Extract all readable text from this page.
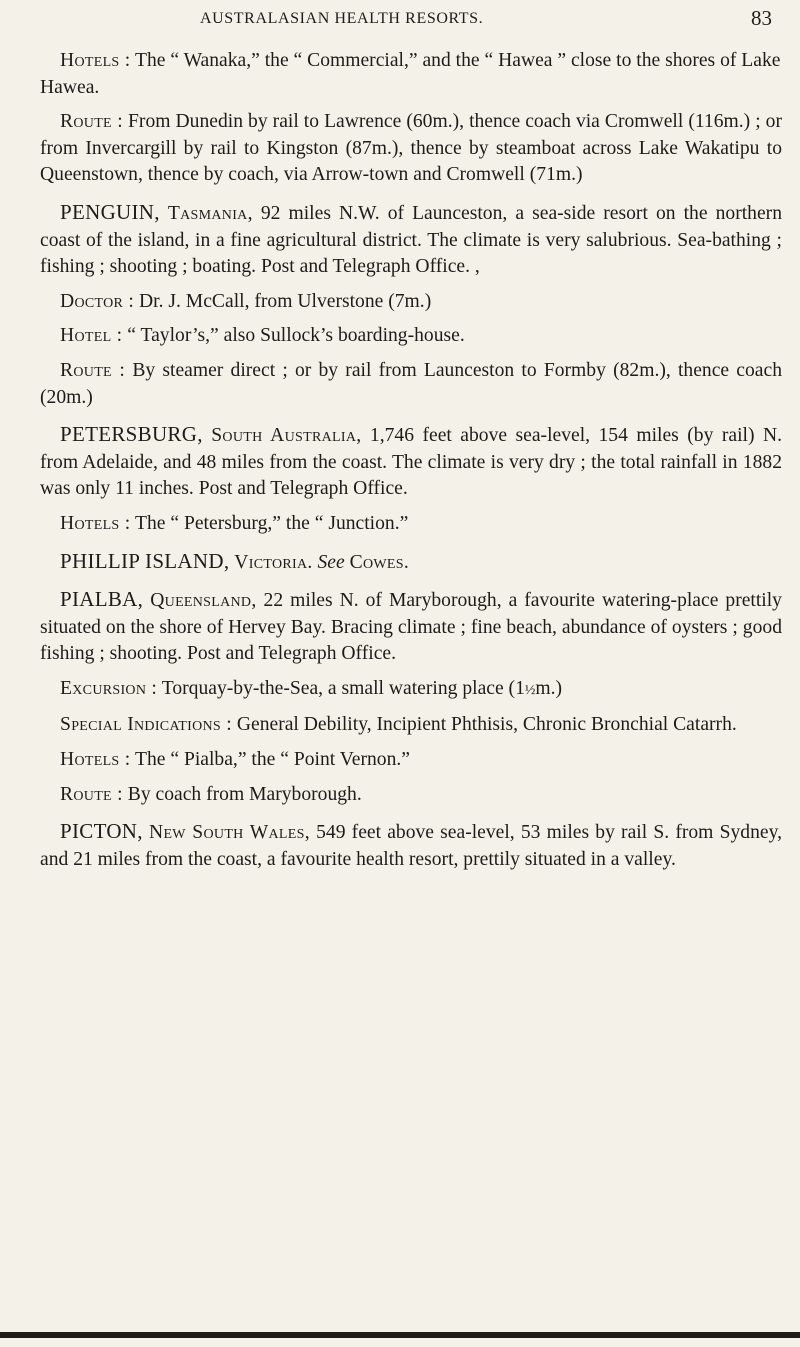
AUSTRALASIAN HEALTH RESORTS.	83

Hotels : The “ Wanaka,” the “ Commercial,” and the “ Hawea ” close to the shores of Lake Hawea.

Route : From Dunedin by rail to Lawrence (60m.), thence coach via Cromwell (116m.) ; or from Invercargill by rail to Kingston (87m.), thence by steamboat across Lake Wakatipu to Queenstown, thence by coach, via Arrow-town and Cromwell (71m.)

PENGUIN, Tasmania, 92 miles N.W. of Launceston, a sea-side resort on the northern coast of the island, in a fine agricultural district. The climate is very salubrious. Sea-bathing ; fishing ; shooting ; boating. Post and Telegraph Office. ,

Doctor : Dr. J. McCall, from Ulverstone (7m.)

Hotel : “ Taylor’s,” also Sullock’s boarding-house.

Route : By steamer direct ; or by rail from Launceston to Formby (82m.), thence coach (20m.)

PETERSBURG, South Australia, 1,746 feet above sea-level, 154 miles (by rail) N. from Adelaide, and 48 miles from the coast. The climate is very dry ; the total rainfall in 1882 was only 11 inches. Post and Telegraph Office.

Hotels : The “ Petersburg,” the “ Junction.”

PHILLIP ISLAND, Victoria. See Cowes.

PIALBA, Queensland, 22 miles N. of Maryborough, a favourite watering-place prettily situated on the shore of Hervey Bay. Bracing climate ; fine beach, abundance of oysters ; good fishing ; shooting. Post and Telegraph Office.

Excursion : Torquay-by-the-Sea, a small watering place (1½m.)

Special Indications : General Debility, Incipient Phthisis, Chronic Bronchial Catarrh.

Hotels : The “ Pialba,” the “ Point Vernon.”

Route : By coach from Maryborough.

PICTON, New South Wales, 549 feet above sea-level, 53 miles by rail S. from Sydney, and 21 miles from the coast, a favourite health resort, prettily situated in a valley.
